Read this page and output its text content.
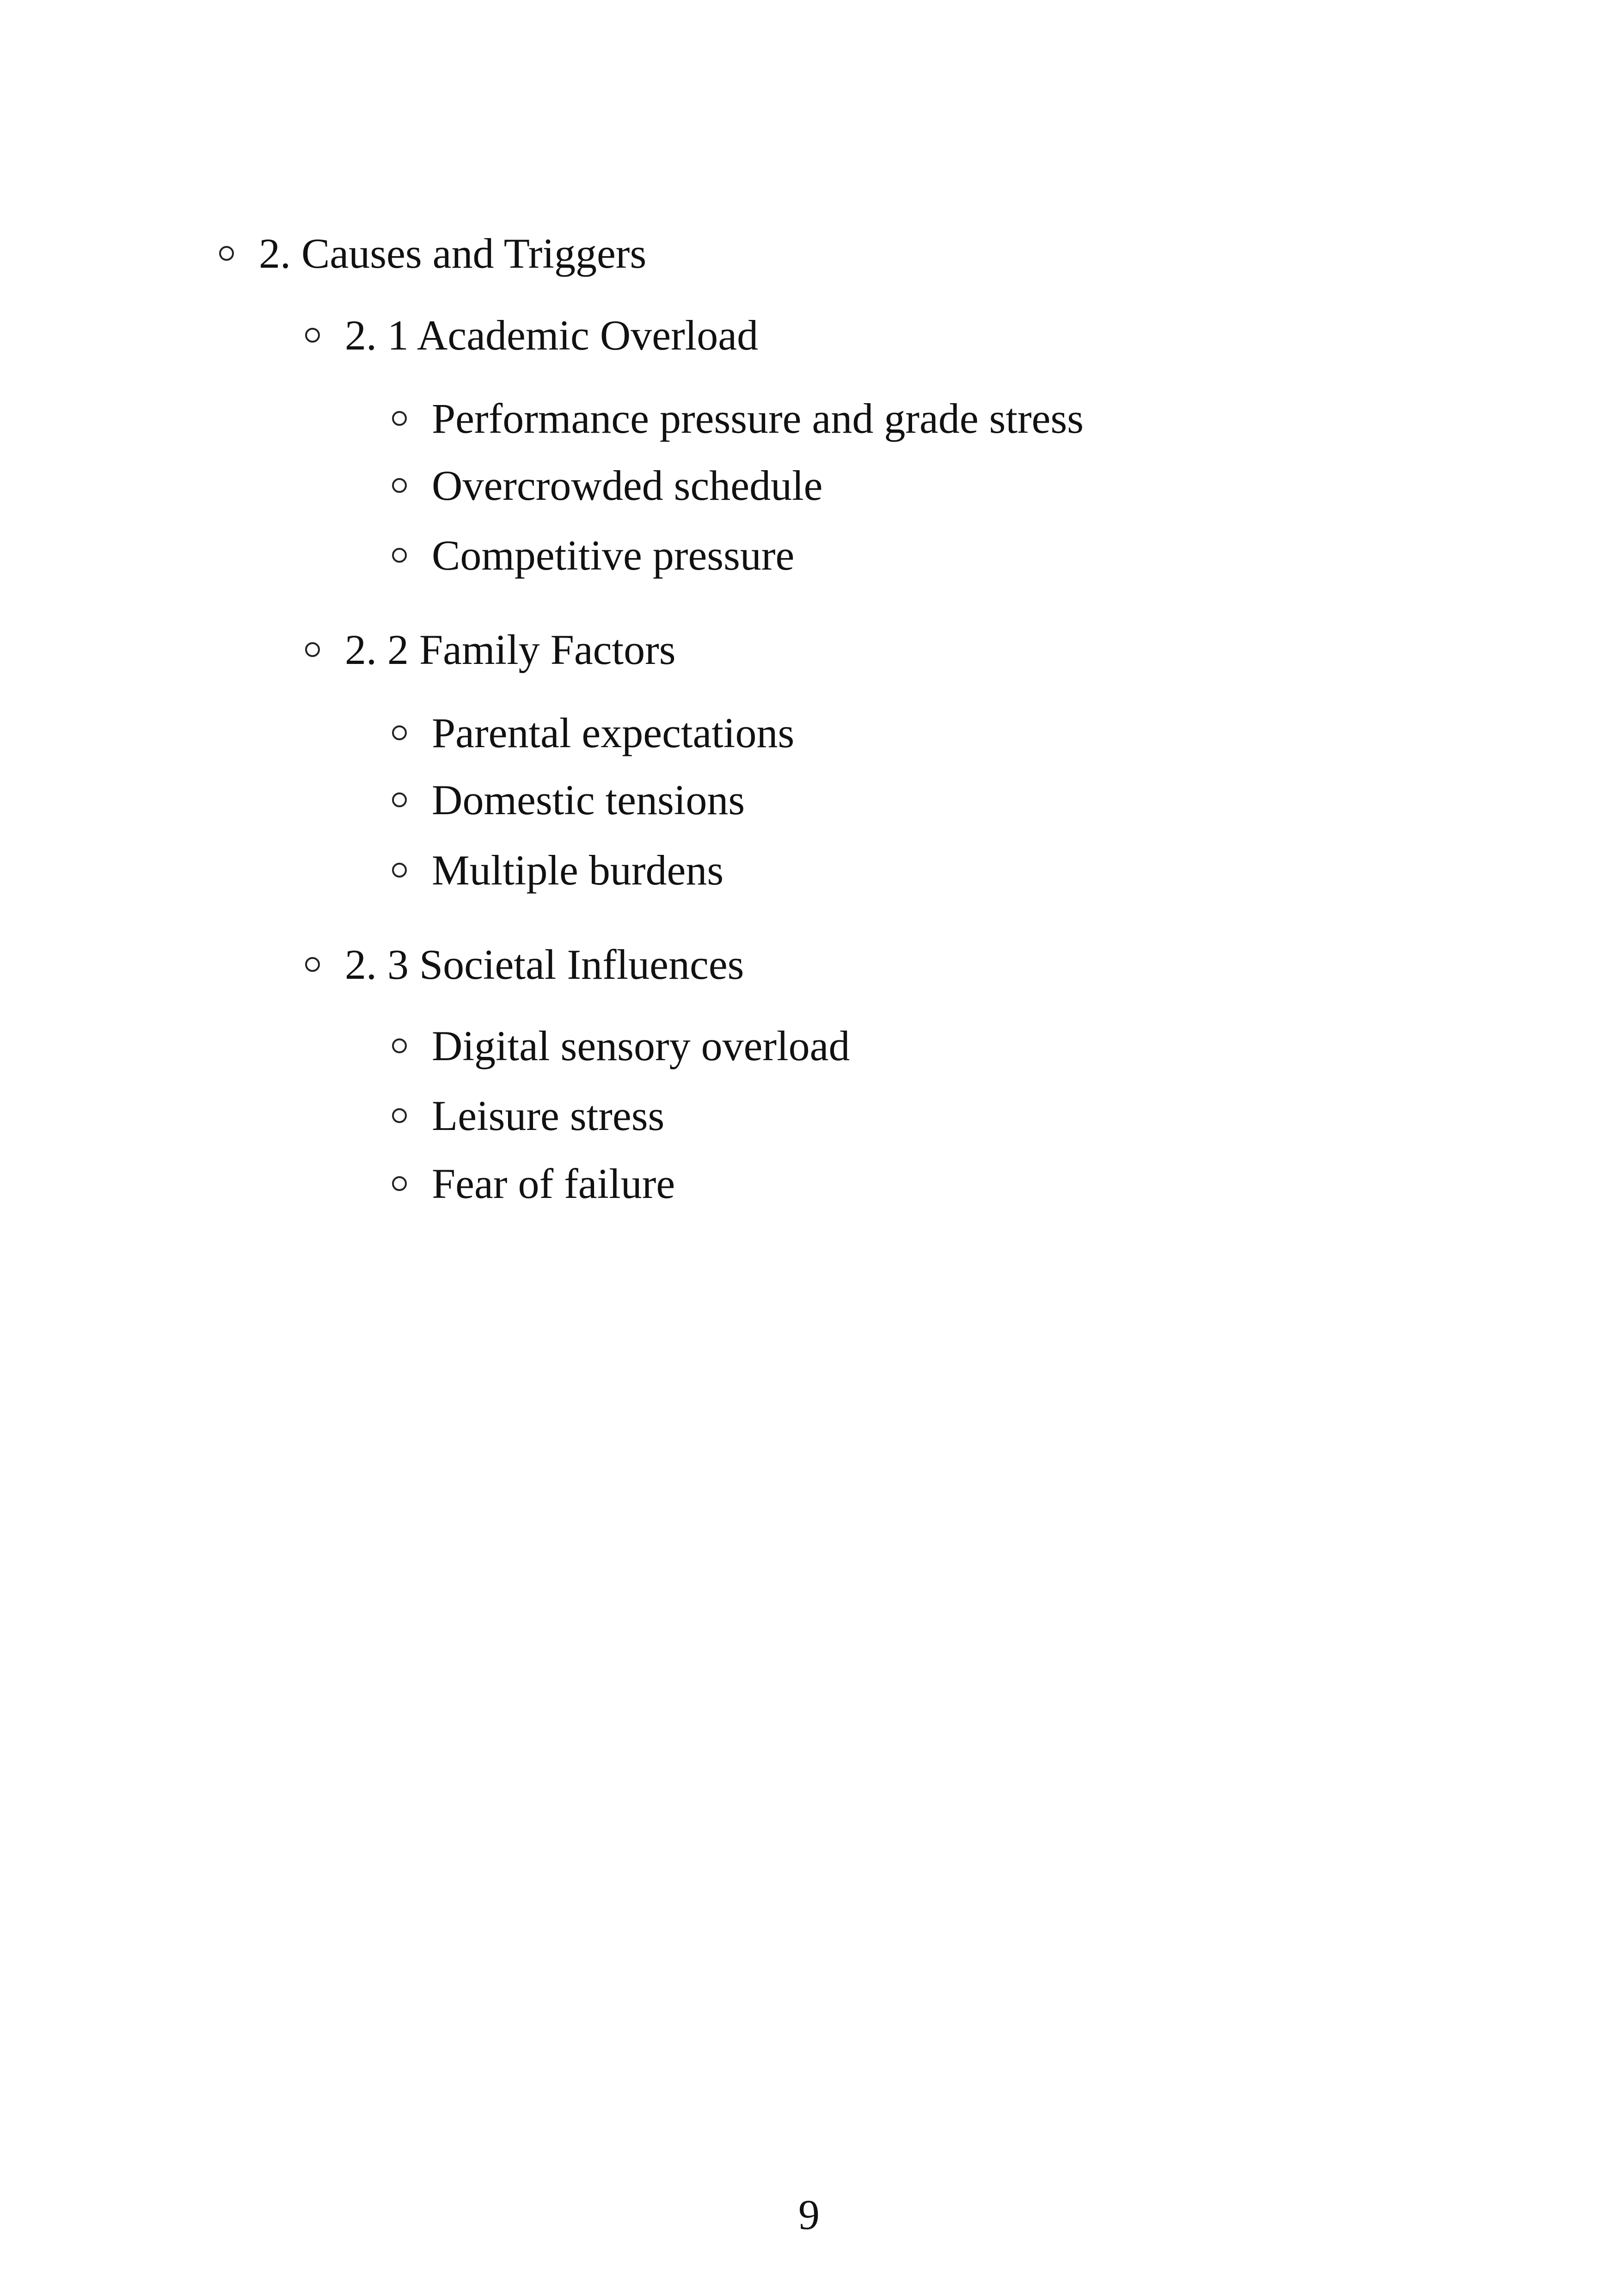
2. Causes and Triggers
2. 1 Academic Overload
Performance pressure and grade stress
Overcrowded schedule
Competitive pressure
2. 2 Family Factors
Parental expectations
Domestic tensions
Multiple burdens
2. 3 Societal Influences
Digital sensory overload
Leisure stress
Fear of failure
9
